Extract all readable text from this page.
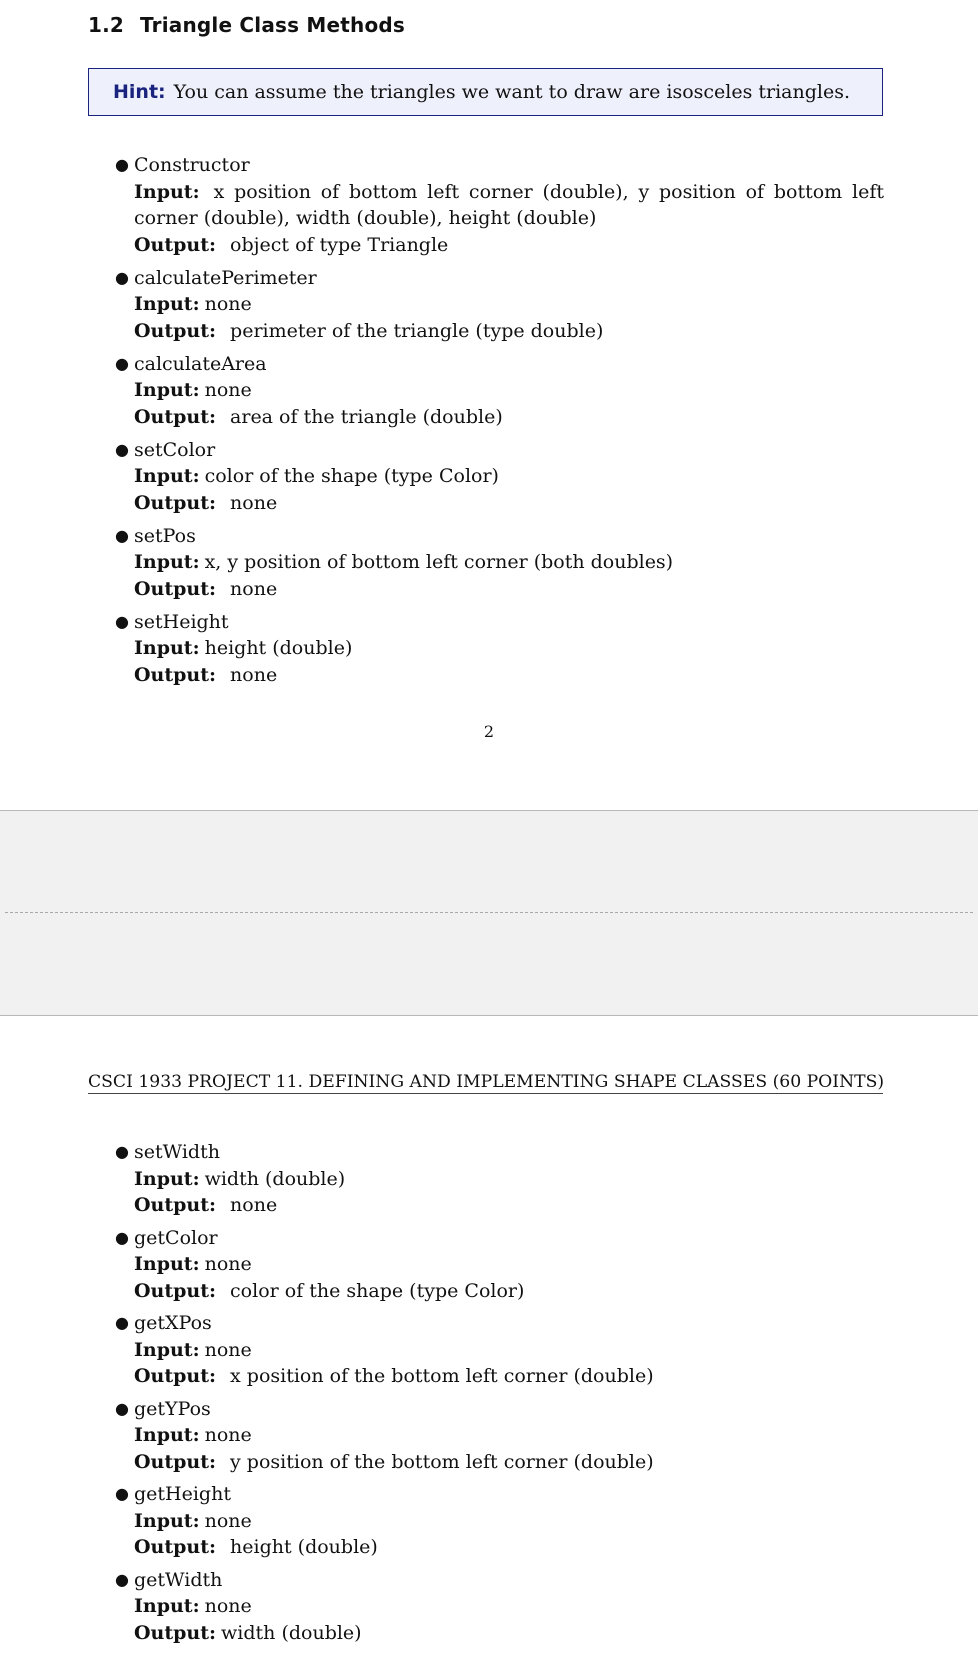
1.2 Triangle Class Methods
Hint: You can assume the triangles we want to draw are isosceles triangles.
● Constructor
Input: x position of bottom left corner (double), y position of bottom left corner (double), width (double), height (double)
Output: object of type Triangle
● calculatePerimeter
Input: none
Output: perimeter of the triangle (type double)
● calculateArea
Input: none
Output: area of the triangle (double)
● setColor
Input: color of the shape (type Color)
Output: none
● setPos
Input: x, y position of bottom left corner (both doubles)
Output: none
● setHeight
Input: height (double)
Output: none
2
CSCI 1933 PROJECT 11. DEFINING AND IMPLEMENTING SHAPE CLASSES (60 POINTS)
● setWidth
Input: width (double)
Output: none
● getColor
Input: none
Output: color of the shape (type Color)
● getXPos
Input: none
Output: x position of the bottom left corner (double)
● getYPos
Input: none
Output: y position of the bottom left corner (double)
● getHeight
Input: none
Output: height (double)
● getWidth
Input: none
Output: width (double)
